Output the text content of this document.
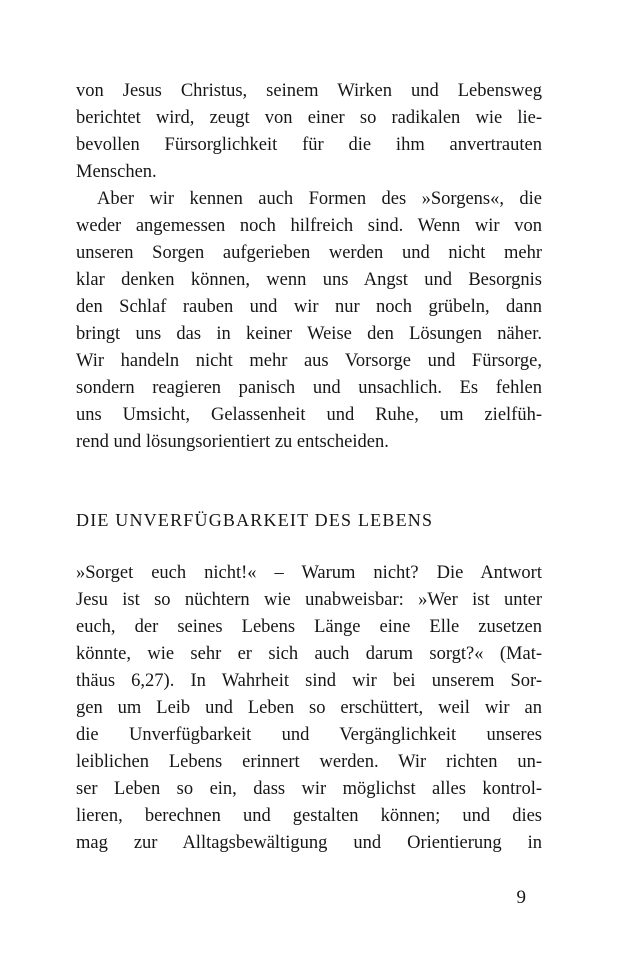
von Jesus Christus, seinem Wirken und Lebensweg
berichtet wird, zeugt von einer so radikalen wie lie-
bevollen Fürsorglichkeit für die ihm anvertrauten
Menschen.
Aber wir kennen auch Formen des »Sorgens«, die
weder angemessen noch hilfreich sind. Wenn wir von
unseren Sorgen aufgerieben werden und nicht mehr
klar denken können, wenn uns Angst und Besorgnis
den Schlaf rauben und wir nur noch grübeln, dann
bringt uns das in keiner Weise den Lösungen näher.
Wir handeln nicht mehr aus Vorsorge und Fürsorge,
sondern reagieren panisch und unsachlich. Es fehlen
uns Umsicht, Gelassenheit und Ruhe, um zielfüh-
rend und lösungsorientiert zu entscheiden.
DIE UNVERFÜGBARKEIT DES LEBENS
»Sorget euch nicht!« – Warum nicht? Die Antwort
Jesu ist so nüchtern wie unabweisbar: »Wer ist unter
euch, der seines Lebens Länge eine Elle zusetzen
könnte, wie sehr er sich auch darum sorgt?« (Mat-
thäus 6,27). In Wahrheit sind wir bei unserem Sor-
gen um Leib und Leben so erschüttert, weil wir an
die Unverfügbarkeit und Vergänglichkeit unseres
leiblichen Lebens erinnert werden. Wir richten un-
ser Leben so ein, dass wir möglichst alles kontrol-
lieren, berechnen und gestalten können; und dies
mag zur Alltagsbewältigung und Orientierung in
9
